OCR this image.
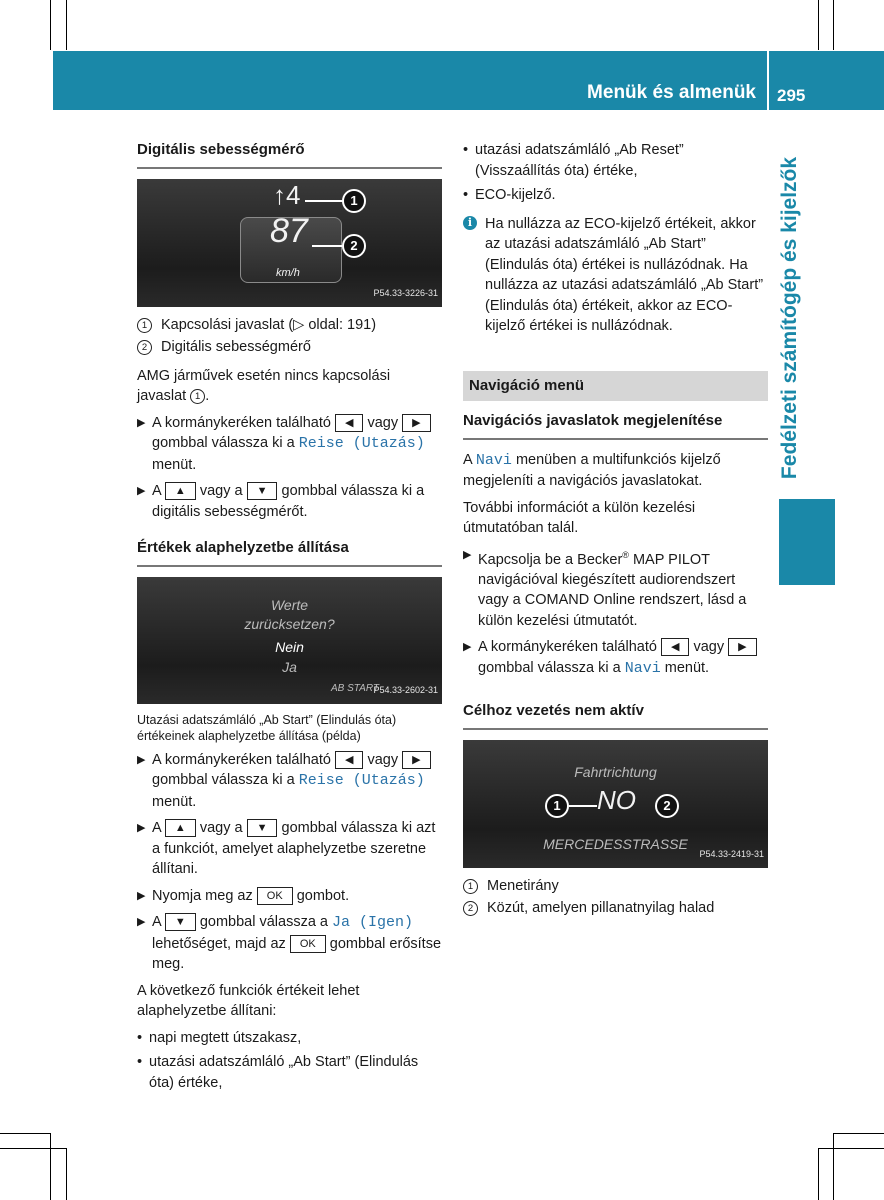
Menük és almenük 295
Fedélzeti számítógép és kijelzők
Digitális sebességmérő
↑4
87
km/h
1
2
P54.33-3226-31
1 Kapcsolási javaslat (▷ oldal: 191)
2 Digitális sebességmérő

AMG járművek esetén nincs kapcsolási javaslat 1 .

▶ A kormánykeréken található ◀ vagy ▶ gombbal válassza ki a Reise (Utazás) menüt.
▶ A ▲ vagy a ▼ gombbal válassza ki a digitális sebességmérőt.
Értékek alaphelyzetbe állítása
Werte
zurücksetzen?
Nein
Ja
AB START
P54.33-2602-31

Utazási adatszámláló „Ab Start” (Elindulás óta) értékeinek alaphelyzetbe állítása (példa)

▶ A kormánykeréken található ◀ vagy ▶ gombbal válassza ki a Reise (Utazás) menüt.
▶ A ▲ vagy a ▼ gombbal válassza ki azt a funkciót, amelyet alaphelyzetbe szeretne állítani.
▶ Nyomja meg az OK gombot.
▶ A ▼ gombbal válassza a Ja (Igen) lehetőséget, majd az OK gombbal erősítse meg.

A következő funkciók értékeit lehet alaphelyzetbe állítani:

• napi megtett útszakasz,
• utazási adatszámláló „Ab Start” (Elindulás óta) értéke,
• utazási adatszámláló „Ab Reset” (Visszaállítás óta) értéke,
• ECO-kijelző.
i Ha nullázza az ECO-kijelző értékeit, akkor az utazási adatszámláló „Ab Start” (Elindulás óta) értékei is nullázódnak. Ha nullázza az utazási adatszámláló „Ab Start” (Elindulás óta) értékeit, akkor az ECO-kijelző értékei is nullázódnak.
Navigáció menü
Navigációs javaslatok megjelenítése

A Navi menüben a multifunkciós kijelző megjeleníti a navigációs javaslatokat.

További információt a külön kezelési útmutatóban talál.

▶ Kapcsolja be a Becker® MAP PILOT navigációval kiegészített audiorendszert vagy a COMAND Online rendszert, lásd a külön kezelési útmutatót.
▶ A kormánykeréken található ◀ vagy ▶ gombbal válassza ki a Navi menüt.
Célhoz vezetés nem aktív
Fahrtrichtung
1	NO	2
MERCEDESSTRASSE
P54.33-2419-31
1 Menetirány
2 Közút, amelyen pillanatnyilag halad
